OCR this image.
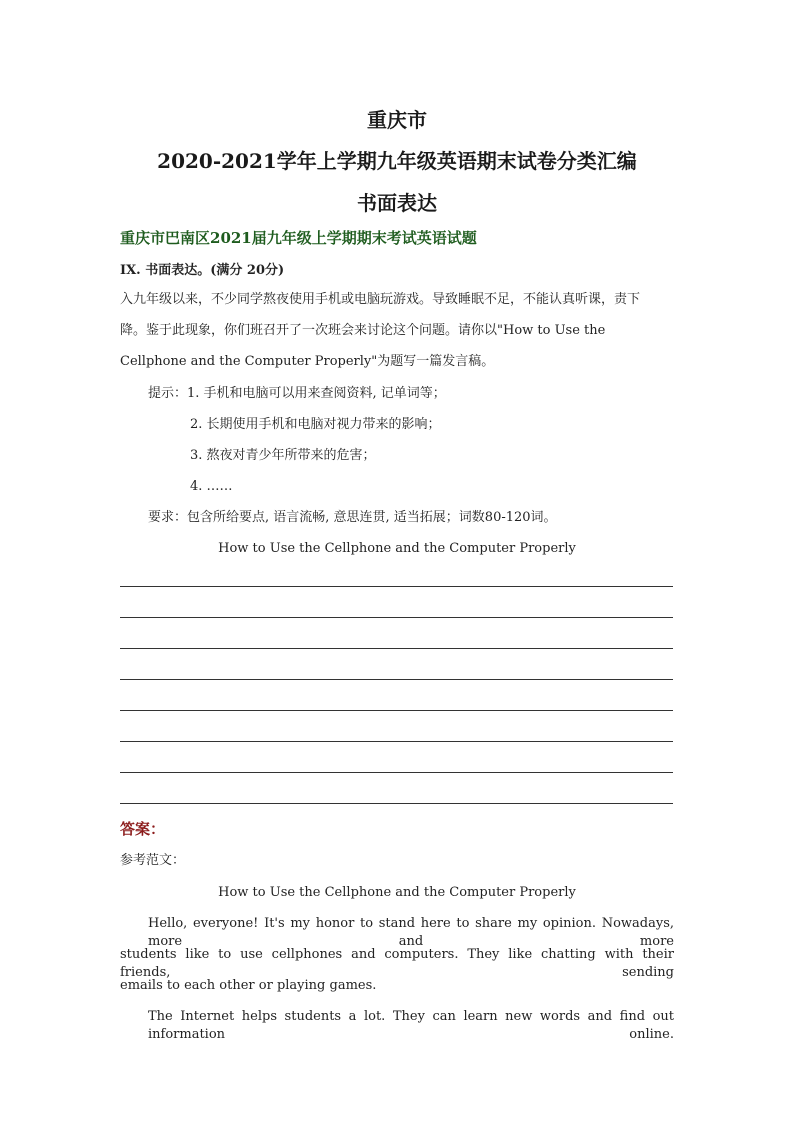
重庆市
2020-2021学年上学期九年级英语期末试卷分类汇编
书面表达
重庆市巴南区2021届九年级上学期期末考试英语试题
IX. 书面表达。(满分 20分)
入九年级以来，不少同学熬夜使用手机或电脑玩游戏。导致睡眠不足，不能认真听课，责下
降。鉴于此现象，你们班召开了一次班会来讨论这个问题。请你以"How to Use the
Cellphone and the Computer Properly"为题写一篇发言稿。
提示：1. 手机和电脑可以用来查阅资料, 记单词等；
2. 长期使用手机和电脑对视力带来的影响；
3. 熬夜对青少年所带来的危害；
4. ……
要求：包含所给要点, 语言流畅, 意思连贯, 适当拓展；词数80-120词。
How to Use the Cellphone and the Computer Properly
答案：
参考范文：
How to Use the Cellphone and the Computer Properly
Hello, everyone! It's my honor to stand here to share my opinion. Nowadays, more and more
students like to use cellphones and computers. They like chatting with their friends, sending
emails to each other or playing games.
The Internet helps students a lot. They can learn new words and find out information online.
